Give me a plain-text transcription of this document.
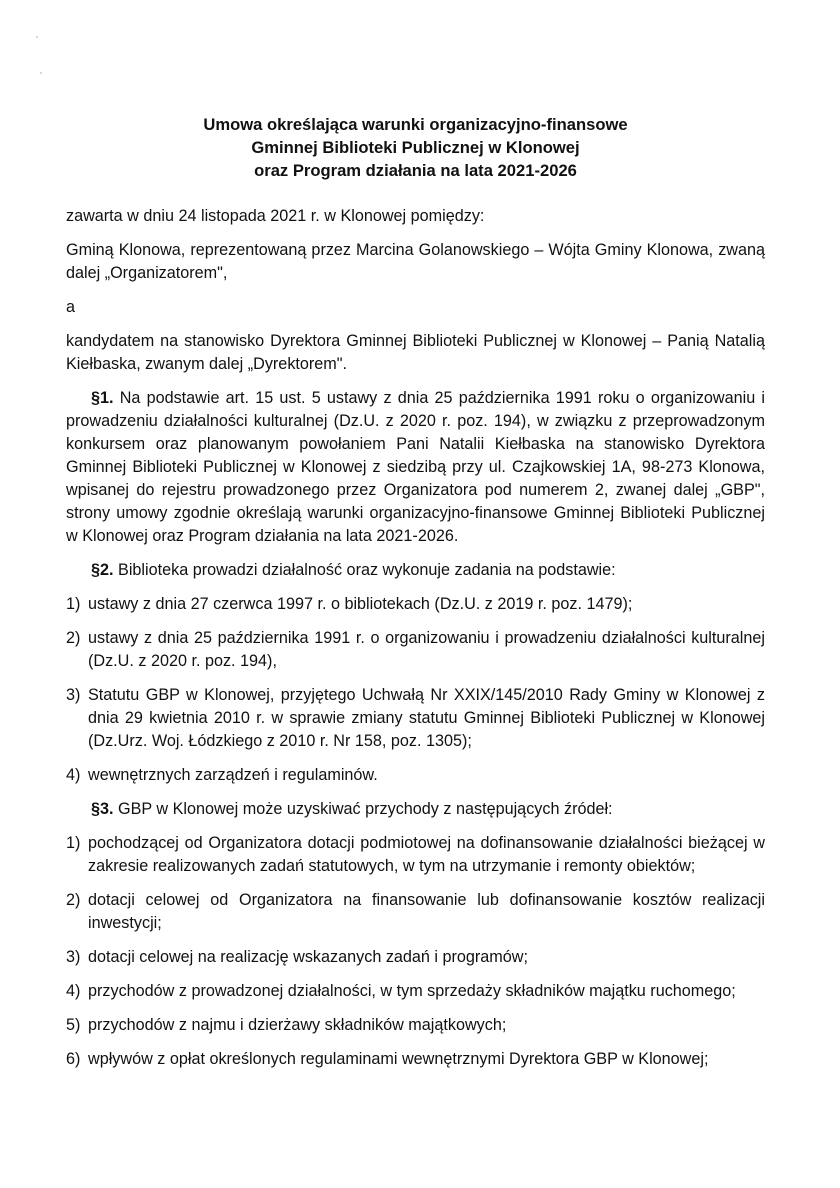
Umowa określająca warunki organizacyjno-finansowe
Gminnej Biblioteki Publicznej w Klonowej
oraz Program działania na lata 2021-2026

zawarta w dniu 24 listopada 2021 r. w Klonowej pomiędzy:

Gminą Klonowa, reprezentowaną przez Marcina Golanowskiego – Wójta Gminy Klonowa, zwaną dalej „Organizatorem",

a

kandydatem na stanowisko Dyrektora Gminnej Biblioteki Publicznej w Klonowej – Panią Natalią Kiełbaska, zwanym dalej „Dyrektorem".

§1. Na podstawie art. 15 ust. 5 ustawy z dnia 25 października 1991 roku o organizowaniu i prowadzeniu działalności kulturalnej (Dz.U. z 2020 r. poz. 194), w związku z przeprowadzonym konkursem oraz planowanym powołaniem Pani Natalii Kiełbaska na stanowisko Dyrektora Gminnej Biblioteki Publicznej w Klonowej z siedzibą przy ul. Czajkowskiej 1A, 98-273 Klonowa, wpisanej do rejestru prowadzonego przez Organizatora pod numerem 2, zwanej dalej „GBP", strony umowy zgodnie określają warunki organizacyjno-finansowe Gminnej Biblioteki Publicznej w Klonowej oraz Program działania na lata 2021-2026.

§2. Biblioteka prowadzi działalność oraz wykonuje zadania na podstawie:

1) ustawy z dnia 27 czerwca 1997 r. o bibliotekach (Dz.U. z 2019 r. poz. 1479);
2) ustawy z dnia 25 października 1991 r. o organizowaniu i prowadzeniu działalności kulturalnej (Dz.U. z 2020 r. poz. 194),
3) Statutu GBP w Klonowej, przyjętego Uchwałą Nr XXIX/145/2010 Rady Gminy w Klonowej z dnia 29 kwietnia 2010 r. w sprawie zmiany statutu Gminnej Biblioteki Publicznej w Klonowej (Dz.Urz. Woj. Łódzkiego z 2010 r. Nr 158, poz. 1305);
4) wewnętrznych zarządzeń i regulaminów.

§3. GBP w Klonowej może uzyskiwać przychody z następujących źródeł:

1) pochodzącej od Organizatora dotacji podmiotowej na dofinansowanie działalności bieżącej w zakresie realizowanych zadań statutowych, w tym na utrzymanie i remonty obiektów;
2) dotacji celowej od Organizatora na finansowanie lub dofinansowanie kosztów realizacji inwestycji;
3) dotacji celowej na realizację wskazanych zadań i programów;
4) przychodów z prowadzonej działalności, w tym sprzedaży składników majątku ruchomego;
5) przychodów z najmu i dzierżawy składników majątkowych;
6) wpływów z opłat określonych regulaminami wewnętrznymi Dyrektora GBP w Klonowej;
